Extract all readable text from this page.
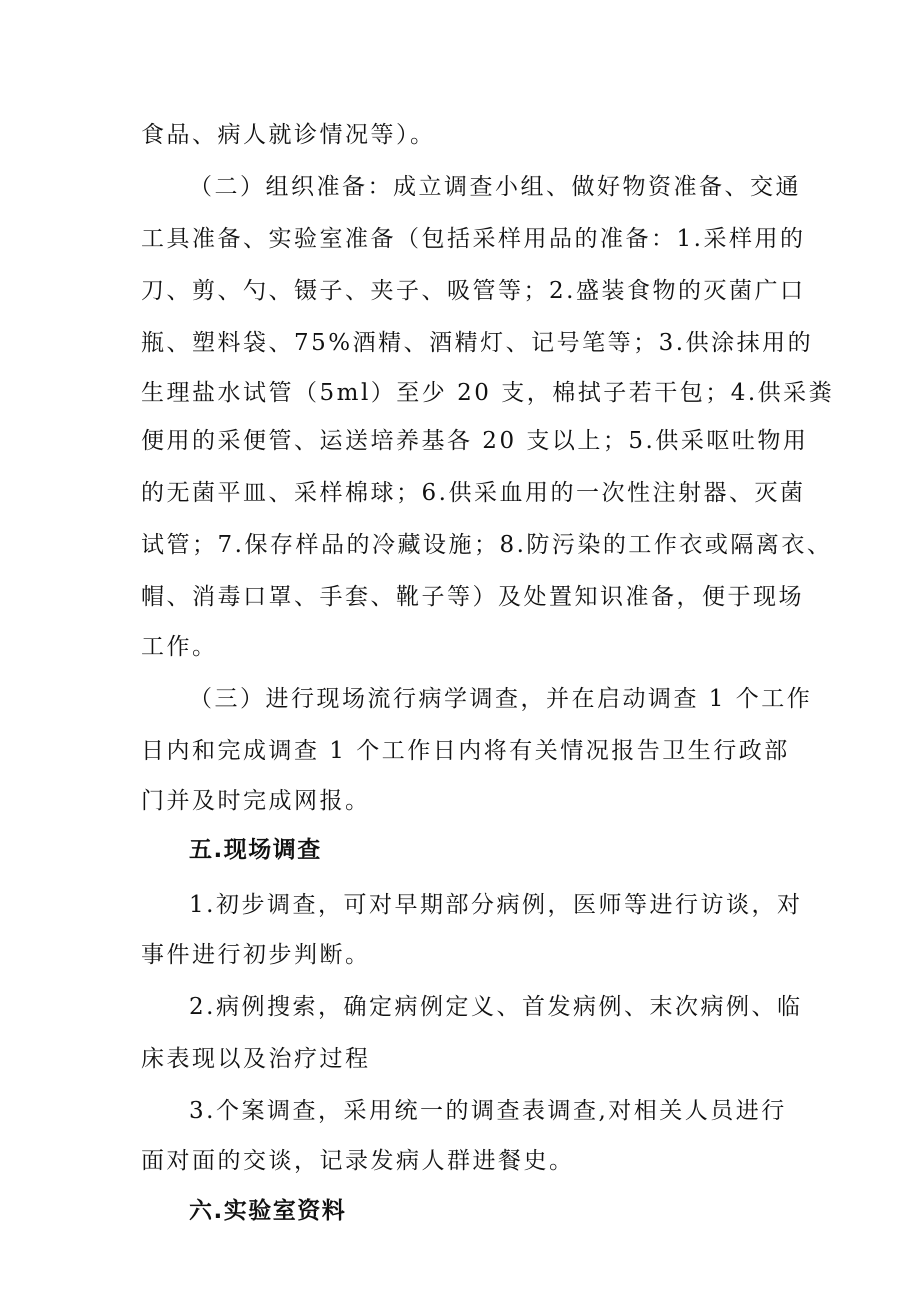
食品、病人就诊情况等）。
（二）组织准备：成立调查小组、做好物资准备、交通
工具准备、实验室准备（包括采样用品的准备：1.采样用的
刀、剪、勺、镊子、夹子、吸管等；2.盛装食物的灭菌广口
瓶、塑料袋、75%酒精、酒精灯、记号笔等；3.供涂抹用的
生理盐水试管（5ml）至少 20 支，棉拭子若干包；4.供采粪
便用的采便管、运送培养基各 20 支以上；5.供采呕吐物用
的无菌平皿、采样棉球；6.供采血用的一次性注射器、灭菌
试管；7.保存样品的冷藏设施；8.防污染的工作衣或隔离衣、
帽、消毒口罩、手套、靴子等）及处置知识准备，便于现场
工作。
（三）进行现场流行病学调查，并在启动调查 1 个工作
日内和完成调查 1 个工作日内将有关情况报告卫生行政部
门并及时完成网报。
五.现场调查
1.初步调查，可对早期部分病例，医师等进行访谈，对
事件进行初步判断。
2.病例搜索，确定病例定义、首发病例、末次病例、临
床表现以及治疗过程
3.个案调查，采用统一的调查表调查,对相关人员进行
面对面的交谈，记录发病人群进餐史。
六.实验室资料
